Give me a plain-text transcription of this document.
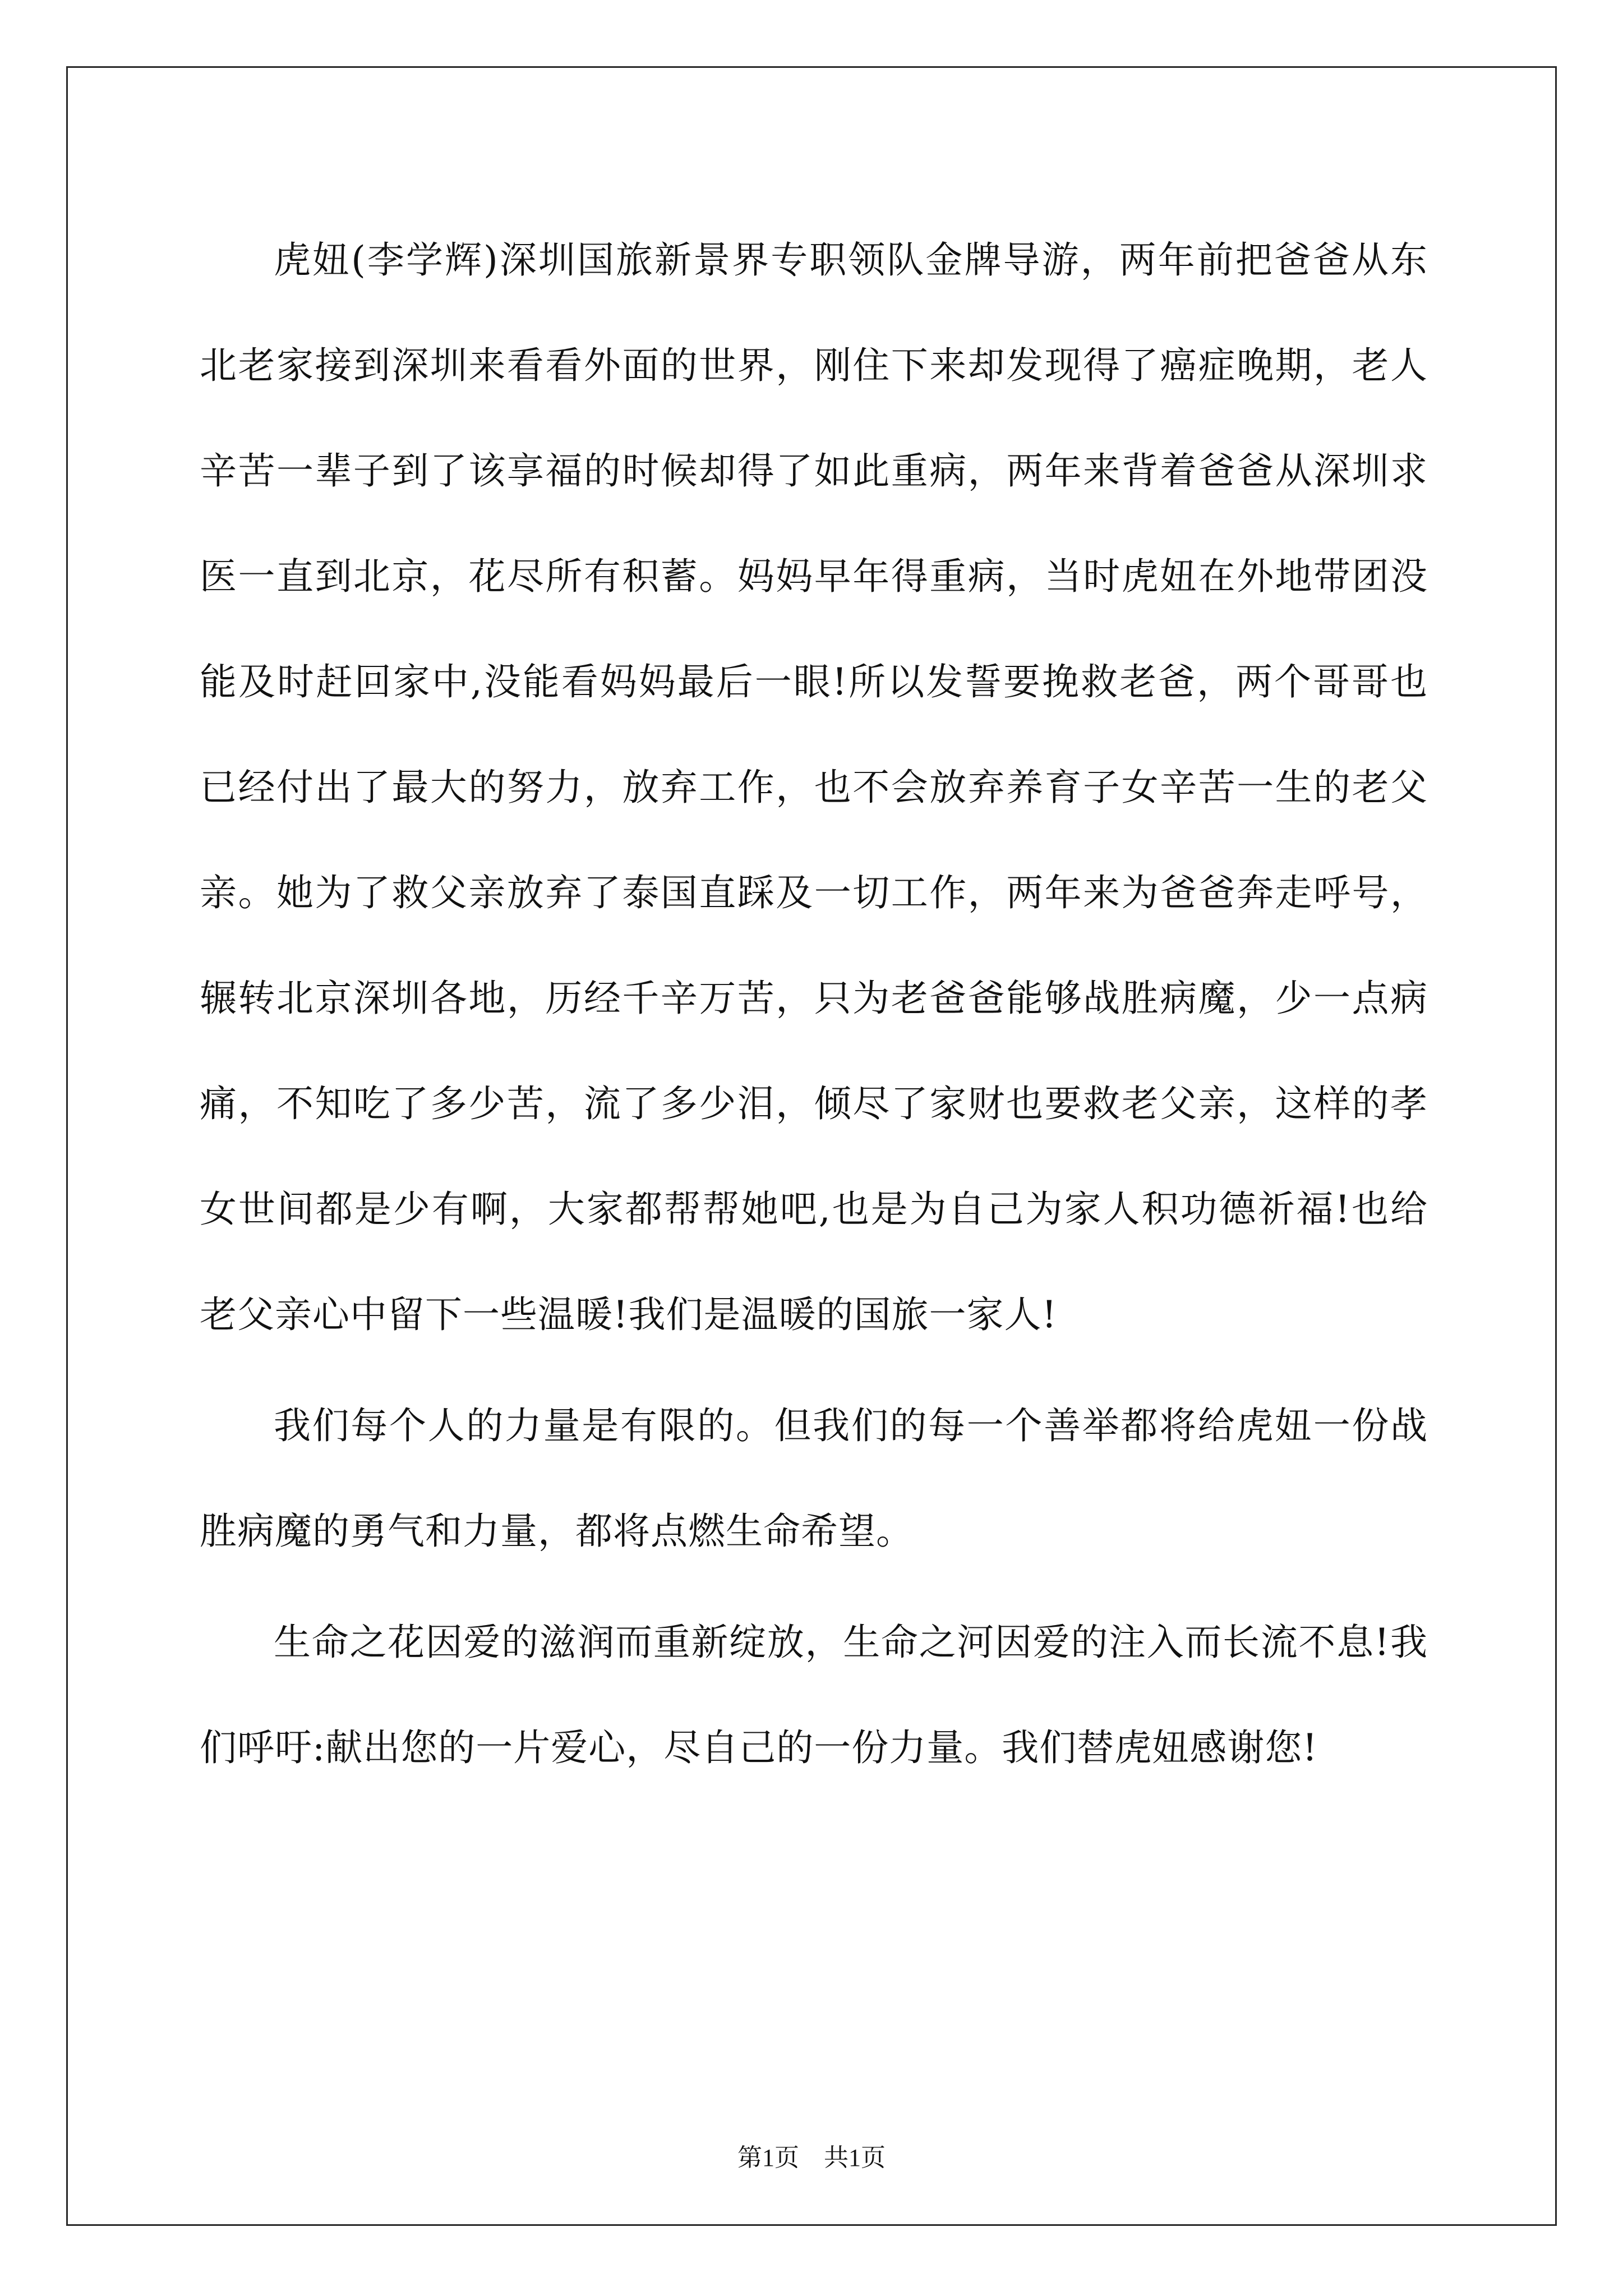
虎妞(李学辉)深圳国旅新景界专职领队金牌导游，两年前把爸爸从东北老家接到深圳来看看外面的世界，刚住下来却发现得了癌症晚期，老人辛苦一辈子到了该享福的时候却得了如此重病，两年来背着爸爸从深圳求医一直到北京，花尽所有积蓄。妈妈早年得重病，当时虎妞在外地带团没能及时赶回家中,没能看妈妈最后一眼!所以发誓要挽救老爸，两个哥哥也已经付出了最大的努力，放弃工作，也不会放弃养育子女辛苦一生的老父亲。她为了救父亲放弃了泰国直踩及一切工作，两年来为爸爸奔走呼号，辗转北京深圳各地，历经千辛万苦，只为老爸爸能够战胜病魔，少一点病痛，不知吃了多少苦，流了多少泪，倾尽了家财也要救老父亲，这样的孝女世间都是少有啊，大家都帮帮她吧,也是为自己为家人积功德祈福!也给老父亲心中留下一些温暖!我们是温暖的国旅一家人!

我们每个人的力量是有限的。但我们的每一个善举都将给虎妞一份战胜病魔的勇气和力量，都将点燃生命希望。

生命之花因爱的滋润而重新绽放，生命之河因爱的注入而长流不息!我们呼吁:献出您的一片爱心，尽自己的一份力量。我们替虎妞感谢您!

第1页　共1页
